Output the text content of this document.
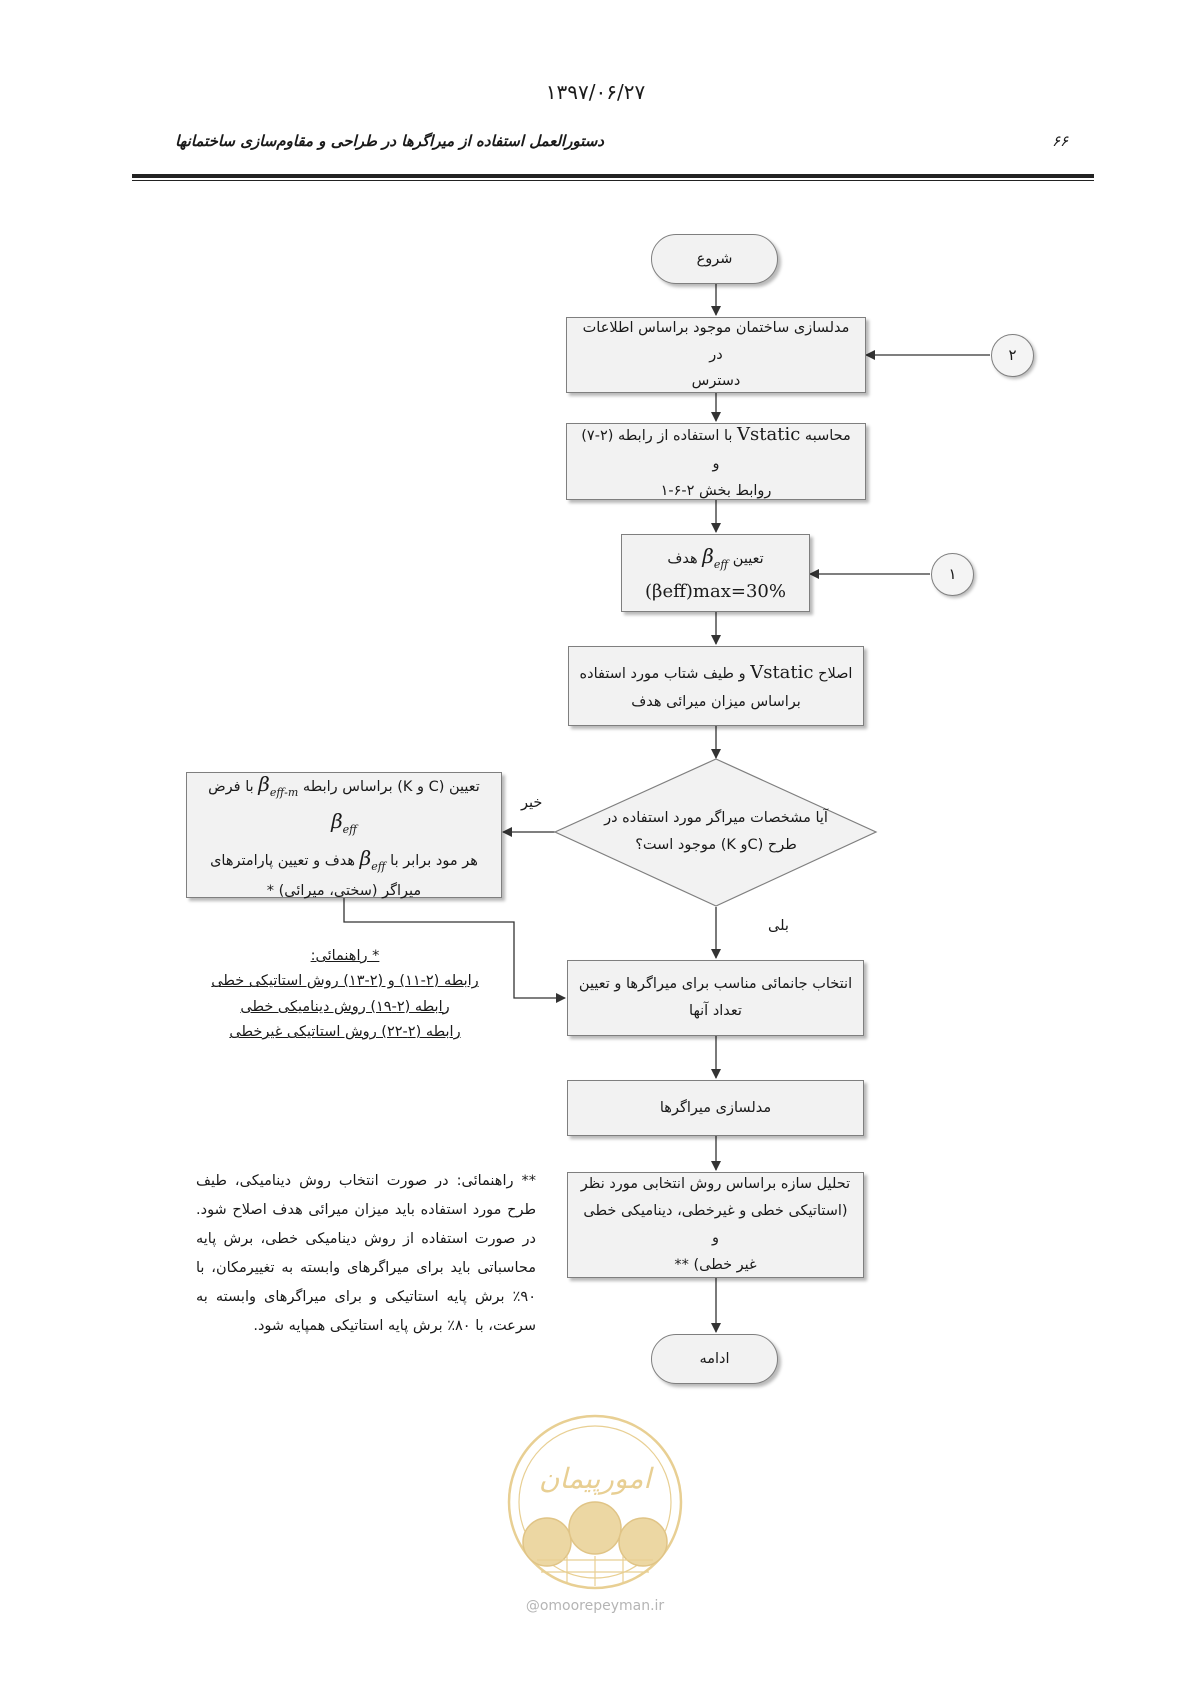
۱۳۹۷/۰۶/۲۷
دستورالعمل استفاده از میراگرها در طراحی و مقاوم‌سازی ساختمانها	۶۶
شروع
مدلسازی ساختمان موجود براساس اطلاعات در
دسترس
محاسبه Vstatic با استفاده از رابطه (۲-۷) و
روابط بخش ۲-۶-۱
تعیین $\beta_{eff}$ هدف
(βeff)max=30%
اصلاح Vstatic و طیف شتاب مورد استفاده
براساس میزان میرائی هدف
آیا مشخصات میراگر مورد استفاده در
طرح (Cو K) موجود است؟
خیر
بلی
تعیین (C و K) براساس رابطه $\beta_{eff-m}$ با فرض $\beta_{eff}$
هر مود برابر با $\beta_{eff}$ هدف و تعیین پارامترهای
میراگر (سختی، میرائی) *
انتخاب جانمائی مناسب برای میراگرها و تعیین
تعداد آنها
مدلسازی میراگرها
تحلیل سازه براساس روش انتخابی مورد نظر
(استاتیکی خطی و غیرخطی، دینامیکی خطی و
غیر خطی) **
ادامه
۲
۱
* راهنمائی:
رابطه (۲-۱۱) و (۲-۱۳) روش استاتیکی خطی
رابطه (۲-۱۹) روش دینامیکی خطی
رابطه (۲-۲۲) روش استاتیکی غیرخطی
** راهنمائی: در صورت انتخاب روش دینامیکی، طیف طرح مورد استفاده باید میزان میرائی هدف اصلاح شود. در صورت استفاده از روش دینامیکی خطی، برش پایه محاسباتی باید برای میراگرهای وابسته به تغییرمکان، با ۹۰٪ برش پایه استاتیکی و برای میراگرهای وابسته به سرعت، با ۸۰٪ برش پایه استاتیکی همپایه شود.
امورپیمان
@omoorepeyman.ir
